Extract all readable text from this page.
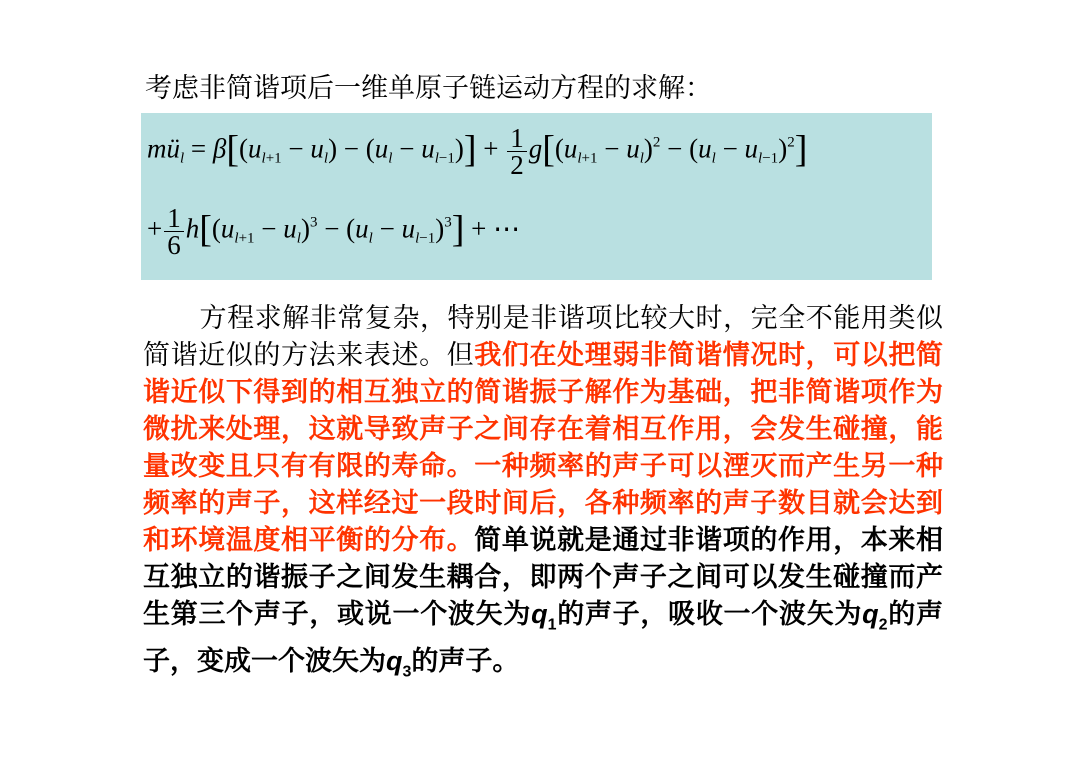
考虑非简谐项后一维单原子链运动方程的求解：
$mü_l = \beta[(u_{l+1} - u_l) - (u_l - u_{l-1})] + \frac{1}{2} g[(u_{l+1} - u_l)^2 - (u_l - u_{l-1})^2]$
+ $\frac{1}{6} h[(u_{l+1} - u_l)^3 - (u_l - u_{l-1})^3]$ + ⋯
方程求解非常复杂，特别是非谐项比较大时，完全不能用类似简谐近似的方法来表述。但我们在处理弱非简谐情况时，可以把简谐近似下得到的相互独立的简谐振子解作为基础，把非简谐项作为微扰来处理，这就导致声子之间存在着相互作用，会发生碰撞，能量改变且只有有限的寿命。一种频率的声子可以湮灭而产生另一种频率的声子，这样经过一段时间后，各种频率的声子数目就会达到和环境温度相平衡的分布。简单说就是通过非谐项的作用，本来相互独立的谐振子之间发生耦合，即两个声子之间可以发生碰撞而产生第三个声子，或说一个波矢为$q_1$的声子，吸收一个波矢为$q_2$的声子，变成一个波矢为$q_3$的声子。
